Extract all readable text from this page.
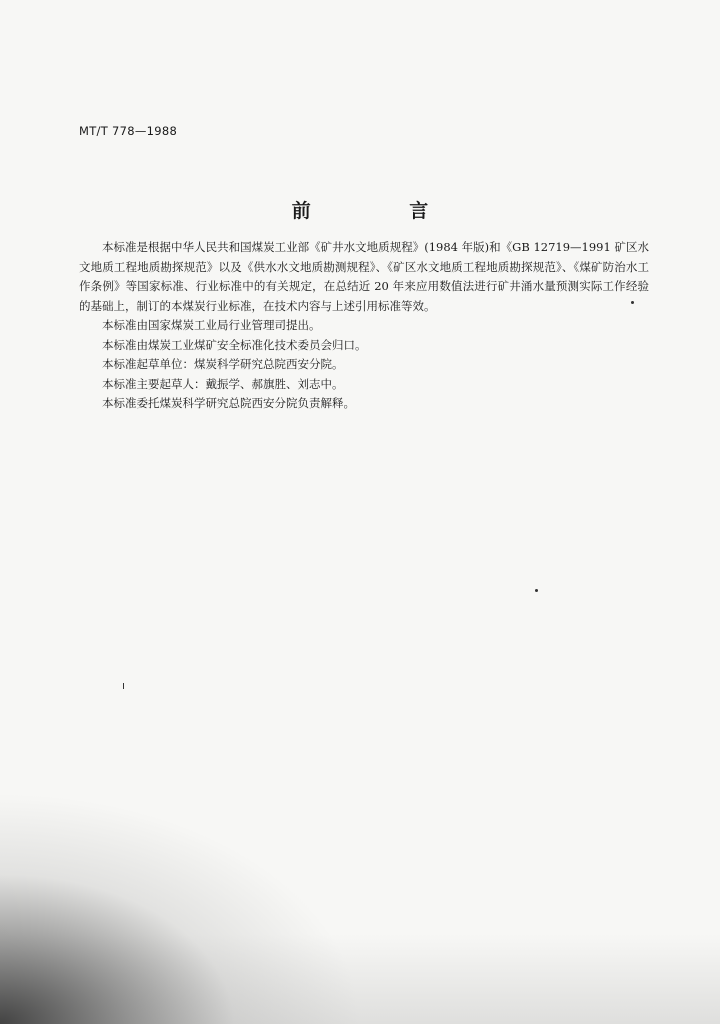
MT/T 778—1988
前 言

本标准是根据中华人民共和国煤炭工业部《矿井水文地质规程》(1984 年版)和《GB 12719—1991 矿区水文地质工程地质勘探规范》以及《供水水文地质勘测规程》、《矿区水文地质工程地质勘探规范》、《煤矿防治水工作条例》等国家标准、行业标准中的有关规定，在总结近 20 年来应用数值法进行矿井涌水量预测实际工作经验的基础上，制订的本煤炭行业标准，在技术内容与上述引用标准等效。

本标准由国家煤炭工业局行业管理司提出。

本标准由煤炭工业煤矿安全标准化技术委员会归口。

本标准起草单位：煤炭科学研究总院西安分院。

本标准主要起草人：戴振学、郝旗胜、刘志中。

本标准委托煤炭科学研究总院西安分院负责解释。
